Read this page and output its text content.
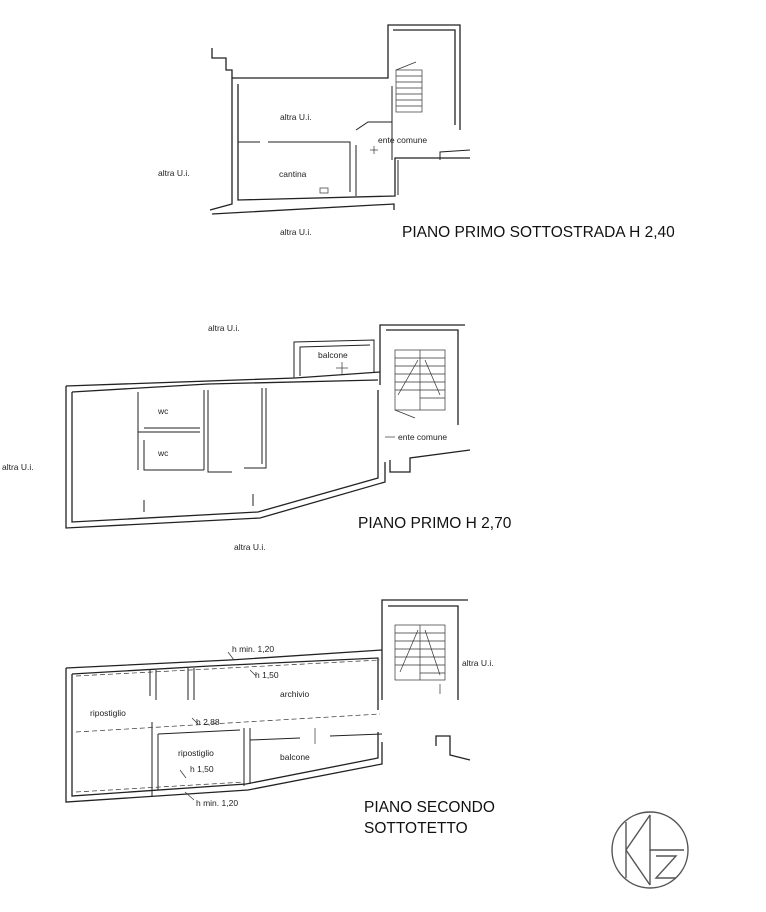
altra U.i.
altra U.i.
altra U.i.
cantina
ente comune
PIANO PRIMO SOTTOSTRADA H 2,40
altra U.i.
altra U.i.
altra U.i.
balcone
wc
wc
ente comune
PIANO PRIMO H 2,70
altra U.i.
h min. 1,20
h 1,50
archivio
ripostiglio
h 2,88
ripostiglio
h 1,50
balcone
h min. 1,20	PIANO SECONDO SOTTOTETTO
